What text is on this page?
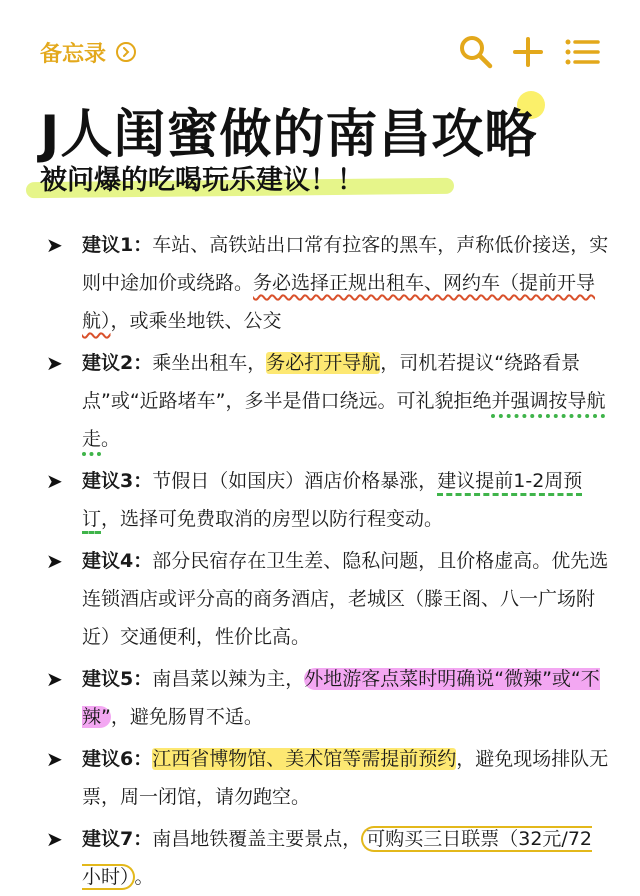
备忘录
J人闺蜜做的南昌攻略
被问爆的吃喝玩乐建议！！
➤ 建议1：车站、高铁站出口常有拉客的黑车，声称低价接送，实则中途加价或绕路。务必选择正规出租车、网约车（提前开导航），或乘坐地铁、公交
➤ 建议2：乘坐出租车，务必打开导航，司机若提议“绕路看景点”或“近路堵车”，多半是借口绕远。可礼貌拒绝并强调按导航走。
➤ 建议3：节假日（如国庆）酒店价格暴涨，建议提前1-2周预订，选择可免费取消的房型以防行程变动。
➤ 建议4：部分民宿存在卫生差、隐私问题，且价格虚高。优先选连锁酒店或评分高的商务酒店，老城区（滕王阁、八一广场附近）交通便利，性价比高。
➤ 建议5：南昌菜以辣为主，外地游客点菜时明确说“微辣”或“不辣”，避免肠胃不适。
➤ 建议6：江西省博物馆、美术馆等需提前预约，避免现场排队无票，周一闭馆，请勿跑空。
➤ 建议7：南昌地铁覆盖主要景点， 可购买三日联票（32元/72小时） 。
